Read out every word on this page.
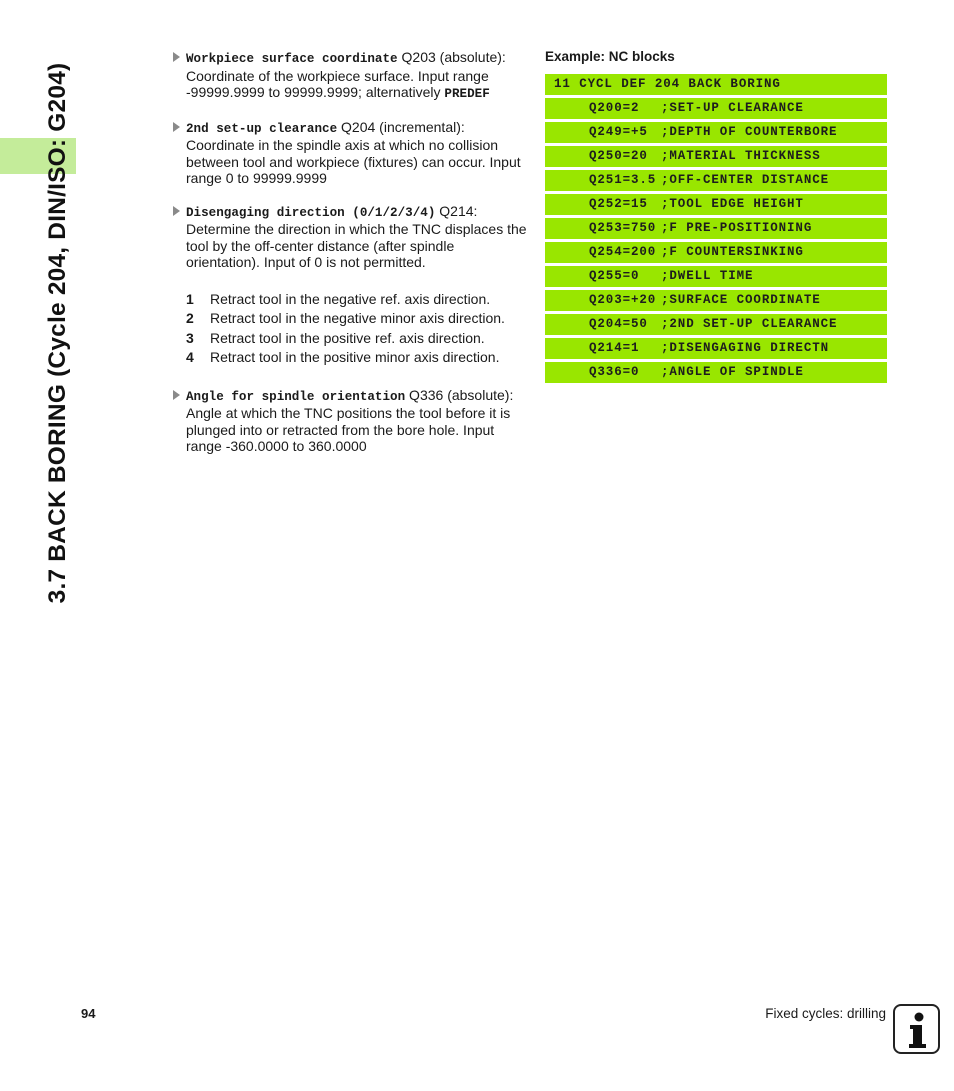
3.7 BACK BORING (Cycle 204, DIN/ISO: G204)
Workpiece surface coordinate Q203 (absolute): Coordinate of the workpiece surface. Input range -99999.9999 to 99999.9999; alternatively PREDEF
2nd set-up clearance Q204 (incremental): Coordinate in the spindle axis at which no collision between tool and workpiece (fixtures) can occur. Input range 0 to 99999.9999
Disengaging direction (0/1/2/3/4) Q214: Determine the direction in which the TNC displaces the tool by the off-center distance (after spindle orientation). Input of 0 is not permitted.
1 Retract tool in the negative ref. axis direction.
2 Retract tool in the negative minor axis direction.
3 Retract tool in the positive ref. axis direction.
4 Retract tool in the positive minor axis direction.
Angle for spindle orientation Q336 (absolute): Angle at which the TNC positions the tool before it is plunged into or retracted from the bore hole. Input range -360.0000 to 360.0000
Example: NC blocks
11 CYCL DEF 204 BACK BORING
Q200=2 ;SET-UP CLEARANCE
Q249=+5 ;DEPTH OF COUNTERBORE
Q250=20 ;MATERIAL THICKNESS
Q251=3.5 ;OFF-CENTER DISTANCE
Q252=15 ;TOOL EDGE HEIGHT
Q253=750 ;F PRE-POSITIONING
Q254=200 ;F COUNTERSINKING
Q255=0 ;DWELL TIME
Q203=+20 ;SURFACE COORDINATE
Q204=50 ;2ND SET-UP CLEARANCE
Q214=1 ;DISENGAGING DIRECTN
Q336=0 ;ANGLE OF SPINDLE
94	Fixed cycles: drilling
